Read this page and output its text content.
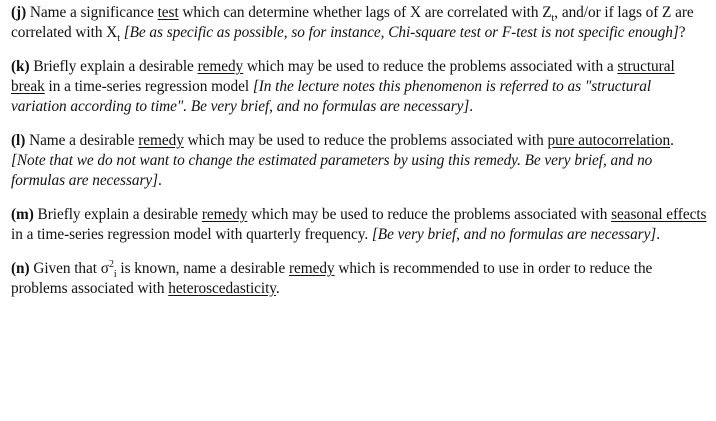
(j) Name a significance test which can determine whether lags of X are correlated with $Z_t$, and/or if lags of Z are correlated with $X_t$ [Be as specific as possible, so for instance, Chi-square test or F-test is not specific enough]?

(k) Briefly explain a desirable remedy which may be used to reduce the problems associated with a structural break in a time-series regression model [In the lecture notes this phenomenon is referred to as "structural variation according to time". Be very brief, and no formulas are necessary].

(l) Name a desirable remedy which may be used to reduce the problems associated with pure autocorrelation. [Note that we do not want to change the estimated parameters by using this remedy. Be very brief, and no formulas are necessary].

(m) Briefly explain a desirable remedy which may be used to reduce the problems associated with seasonal effects in a time-series regression model with quarterly frequency. [Be very brief, and no formulas are necessary].

(n) Given that $\sigma^2_i$ is known, name a desirable remedy which is recommended to use in order to reduce the problems associated with heteroscedasticity.
